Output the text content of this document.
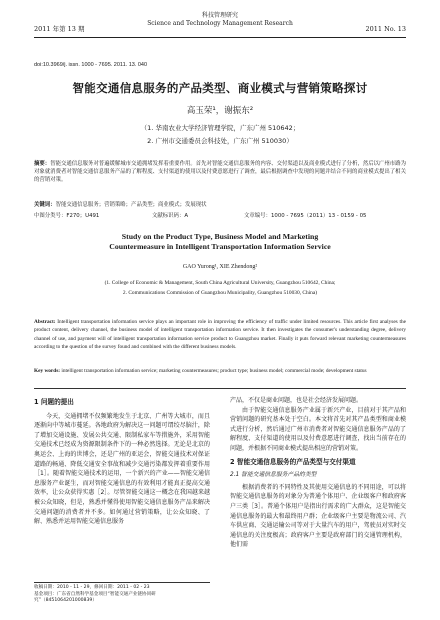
2011 年第 13 期
科技管理研究
Science and Technology Management Research
2011 No. 13
doi:10.3969/j. issn. 1000 - 7695. 2011. 13. 040
智能交通信息服务的产品类型、商业模式与营销策略探讨
高玉荣¹，谢振东²
（1. 华南农业大学经济管理学院，广东广州 510642；
2. 广州市交通委员会科技处，广东广州 510030）
摘要：智能交通信息服务对普遍缓解城市交通拥堵发挥着重要作用。首先对智能交通信息服务的内容、交付渠道以及商业模式进行了分析，然后以广州市路为对象就消费者对智能交通信息服务产品的了解程度、支付渠道的使用以及付费意愿进行了调查，最后根据调查中发现的问题并结合不同的商业模式提出了相关的营销对策。
关键词：智能交通信息服务；营销策略；产品类型；商业模式；发展现状
中图分类号：F270；U491	文献标识码：A	文章编号：1000 - 7695（2011）13 - 0159 - 05
Study on the Product Type, Business Model and Marketing
Countermeasure in Intelligent Transportation Information Service
GAO Yurong¹, XIE Zhendong²
(1. College of Economic & Management, South China Agricultural University, Guangzhou 510642, China;
2. Communications Commission of Guangzhou Municipality, Guangzhou 510030, China)
Abstract: Intelligent transportation information service plays an important role in improving the efficiency of traffic under limited resources. This article first analyses the product content, delivery channel, the business model of intelligent transportation information service. It then investigates the consumer's understanding degree, delivery channel of use, and payment will of intelligent transportation information service product to Guangzhou market. Finally it puts forward relevant marketing countermeasures according to the question of the survey found and combined with the different business models.
Key words: intelligent transportation information service; marketing countermeasures; product type; business model; commercial mode; development status
1 问题的提出
今天，交通拥堵不仅频繁地发生于北京、广州等大城市，而且逐渐向中等城市蔓延。各地政府为解决这一问题可谓绞尽脑汁，除了增加交通设施、发展公共交通、限制私家车等措施外，采用智能交通技术已经成为资源限制条件下的一种必然选择。无论是北京的奥运会、上海的世博会，还是广州的亚运会，智能交通技术对保证道路的畅通、降低交通安全事故和减少交通污染都发挥着重要作用［1］。随着智能交通技术的运用，一个新兴的产业——智能交通信息服务产业诞生，而对智能交通信息的有效利用才能真正提高交通效率，让公众获得实惠［2］。尽管智能交通这一概念在我国越来越被公众知晓，但是，熟悉并懂得使用智能交通信息服务产品来解决交通问题的消费者并不多。如何通过营销策略，让公众知晓、了解、熟悉并运用智能交通信息服务
产品，不仅是商业问题，也是社会经济发展问题。
由于智能交通信息服务产业属于新兴产业，目前对于其产品和营销问题的研究基本处于空白。本文将首先对其产品类型和商业模式进行分析，然后通过广州市消费者对智能交通信息服务产品的了解程度、支付渠道的使用以及付费意愿进行调查，找出当前存在的问题，并根据不同商业模式提出相应的营销对策。
2 智能交通信息服务的产品类型与交付渠道
2.1 智能交通信息服务产品的类型
根据消费者的不同特性及其使用交通信息的不同用途，可以将智能交通信息服务的对象分为普通个体用户、企业级客户和政府客户三类［3］。普通个体用户是指出行需求的广大群众，这是智能交通信息服务的最大和最终用户群；企业级客户主要是物流公司、汽车供应商、交通运输公司等对于大量汽车的用户，驾驶员对实时交通信息的关注度极高；政府客户主要是政府部门的交通管理机构，他们需
收稿日期：2010 - 11 - 29，修回日期：2011 - 02 - 23
基金项目：广东省自然科学基金项目“智能交通产业链协同研究”（8451064201000839）
